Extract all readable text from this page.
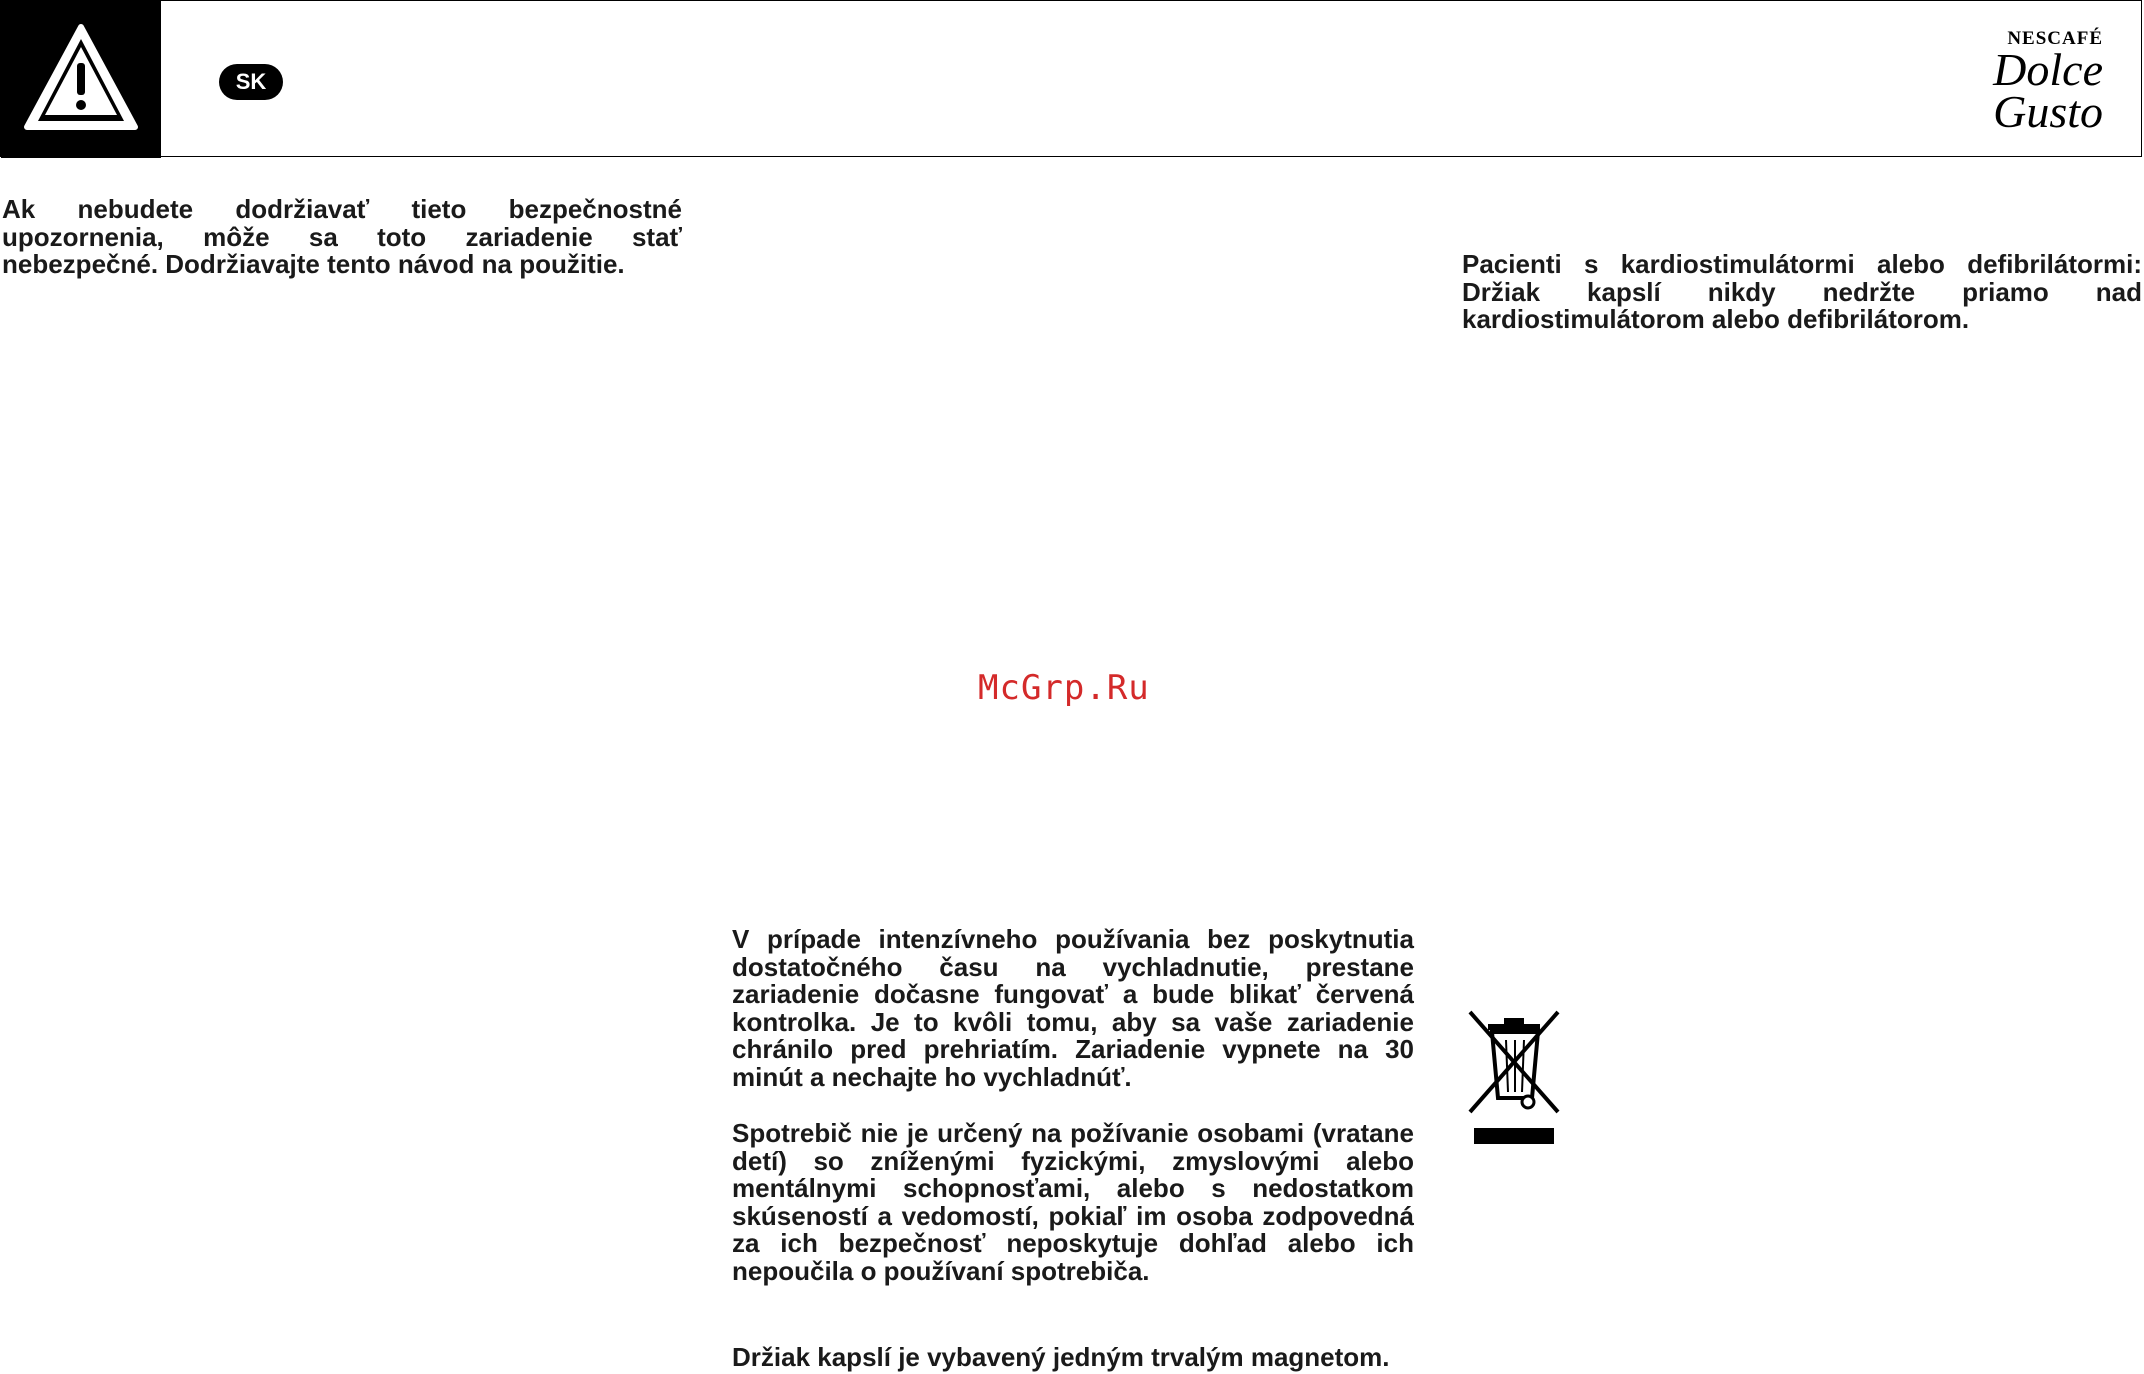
SK
NESCAFÉ
Dolce
Gusto

Ak nebudete dodržiavať tieto bezpečnostné upozornenia, môže sa toto zariadenie stať nebezpečné. Dodržiavajte tento návod na použitie.	Pacienti s kardiostimulátormi alebo defibrilátormi: Držiak kapslí nikdy nedržte priamo nad kardiostimulátorom alebo defibrilátorom.

McGrp.Ru

V prípade intenzívneho používania bez poskytnutia dostatočného času na vychladnutie, prestane zariadenie dočasne fungovať a bude blikať červená kontrolka. Je to kvôli tomu, aby sa vaše zariadenie chránilo pred prehriatím. Zariadenie vypnete na 30 minút a nechajte ho vychladnúť.

Spotrebič nie je určený na požívanie osobami (vratane detí) so zníženými fyzickými, zmyslovými alebo mentálnymi schopnosťami, alebo s nedostatkom skúseností a vedomostí, pokiaľ im osoba zodpovedná za ich bezpečnosť neposkytuje dohľad alebo ich nepoučila o používaní spotrebiča.

Držiak kapslí je vybavený jedným trvalým magnetom.
